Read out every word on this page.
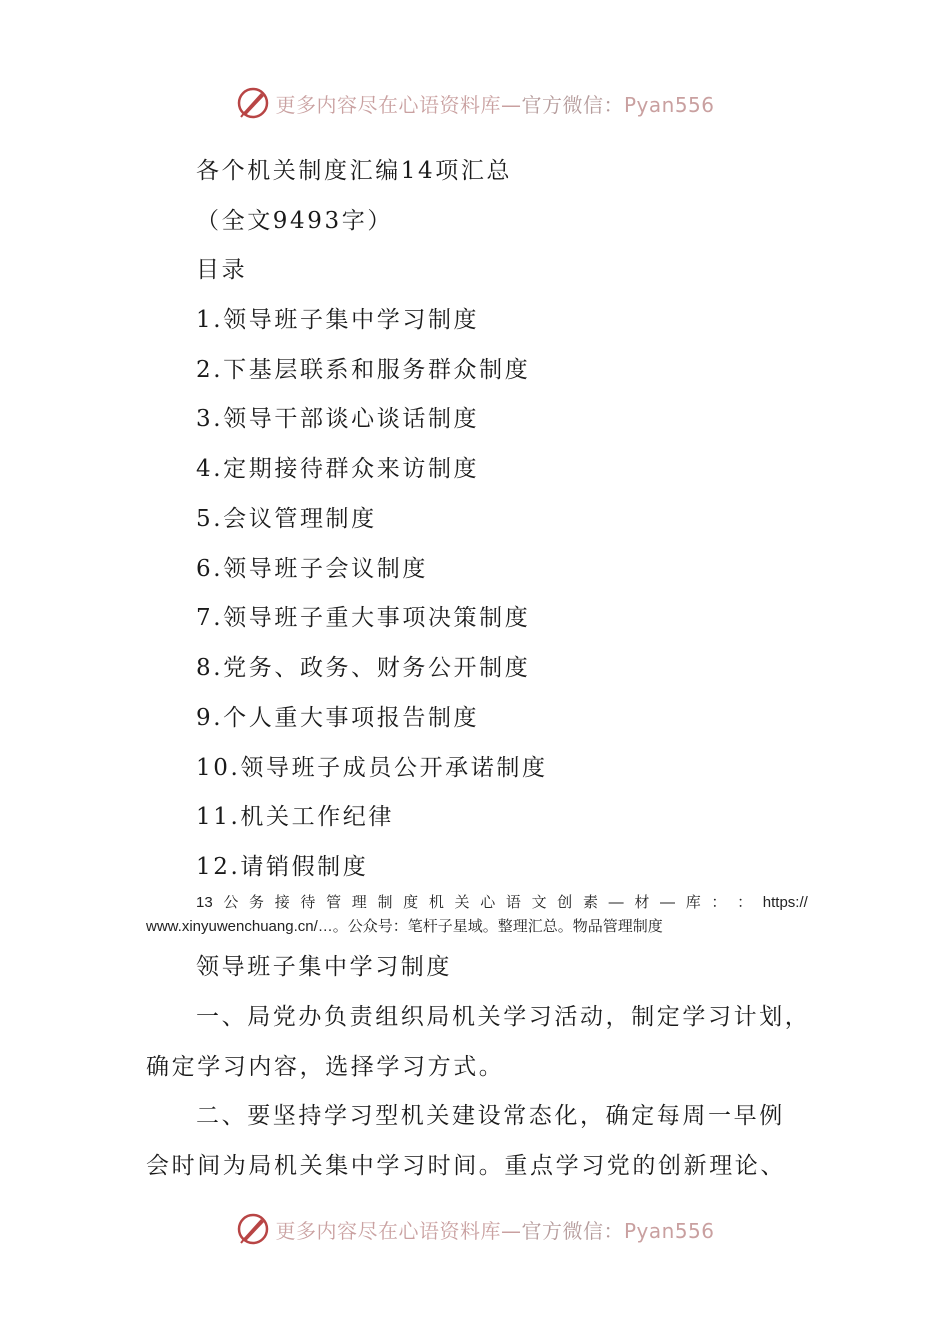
更多内容尽在心语资料库—官方微信：Pyan556
各个机关制度汇编14项汇总
（全文9493字）
目录
1.领导班子集中学习制度
2.下基层联系和服务群众制度
3.领导干部谈心谈话制度
4.定期接待群众来访制度
5.会议管理制度
6.领导班子会议制度
7.领导班子重大事项决策制度
8.党务、政务、财务公开制度
9.个人重大事项报告制度
10.领导班子成员公开承诺制度
11.机关工作纪律
12.请销假制度
13 公 务 接 待 管 理 制 度 机 关 心 语 文 创 素 — 材 — 库 ： ： https://
www.xinyuwenchuang.cn/…。公众号：笔杆子星域。整理汇总。物品管理制度
领导班子集中学习制度
一、局党办负责组织局机关学习活动，制定学习计划，
确定学习内容，选择学习方式。
二、要坚持学习型机关建设常态化，确定每周一早例
会时间为局机关集中学习时间。重点学习党的创新理论、
更多内容尽在心语资料库—官方微信：Pyan556
